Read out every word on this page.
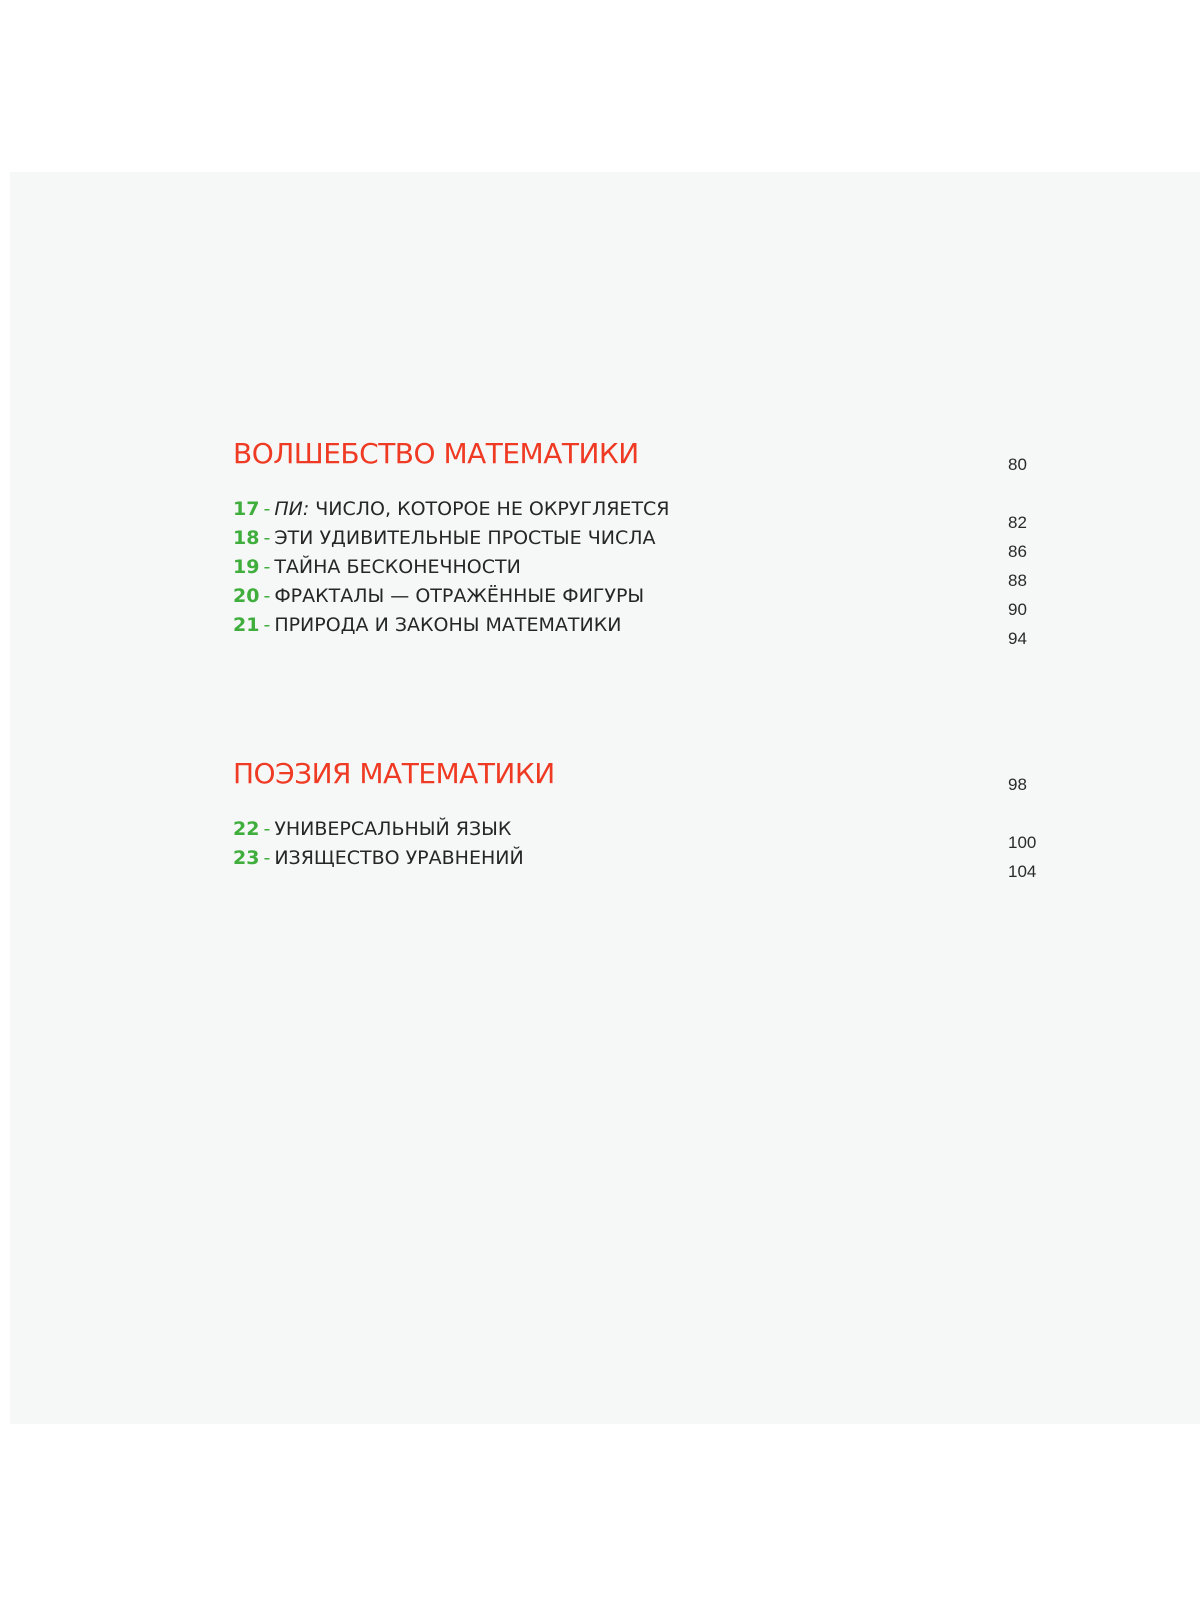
ВОЛШЕБСТВО МАТЕМАТИКИ	80
17 - ПИ: ЧИСЛО, КОТОРОЕ НЕ ОКРУГЛЯЕТСЯ
82
18 - ЭТИ УДИВИТЕЛЬНЫЕ ПРОСТЫЕ ЧИСЛА
86
19 - ТАЙНА БЕСКОНЕЧНОСТИ
88
20 - ФРАКТАЛЫ — ОТРАЖЁННЫЕ ФИГУРЫ
90
21 - ПРИРОДА И ЗАКОНЫ МАТЕМАТИКИ
94
ПОЭЗИЯ МАТЕМАТИКИ	98
22 - УНИВЕРСАЛЬНЫЙ ЯЗЫК
100
23 - ИЗЯЩЕСТВО УРАВНЕНИЙ
104
